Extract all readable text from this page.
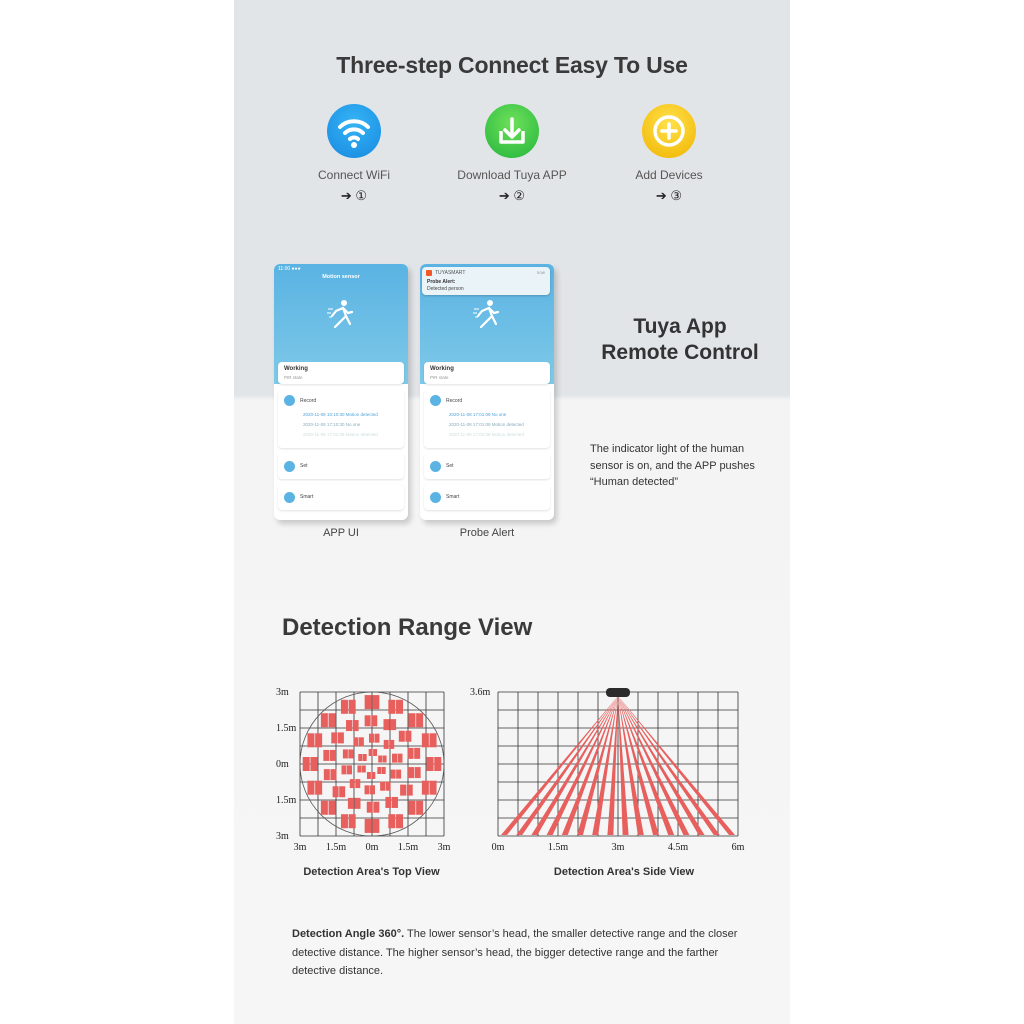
Three-step Connect Easy To Use
Connect WiFi
➔ ①
Download Tuya APP
➔ ②
Add Devices
➔ ③
11:00 ●●●
Motion sensor
Working
PIR state
Record
2020-11-08 10:10:30 Motion detected
2020-11-08 17:10:30 No one
2020-11-08 17:01:09 Motion detected
Set
Smart
APP UI
TUYASMART	now
Probe Alert:
Detected person
Working
PIR state
Record
2020-11-08 17:01:09 No one
2020-11-08 17:01:09 Motion detected
2020-11-08 17:01:09 Motion detected
Set
Smart
Probe Alert
Tuya App
Remote Control
The indicator light of the human sensor is on, and the APP pushes “Human detected”
Detection Range View
3m
1.5m
0m
1.5m
3m
3m 1.5m 0m 1.5m 3m
Detection Area's Top View
3.6m
0m	1.5m	3m	4.5m	6m
Detection Area's Side View
Detection Angle 360°. The lower sensor’s head, the smaller detective range and the closer detective distance. The higher sensor’s head, the bigger detective range and the farther detective distance.
